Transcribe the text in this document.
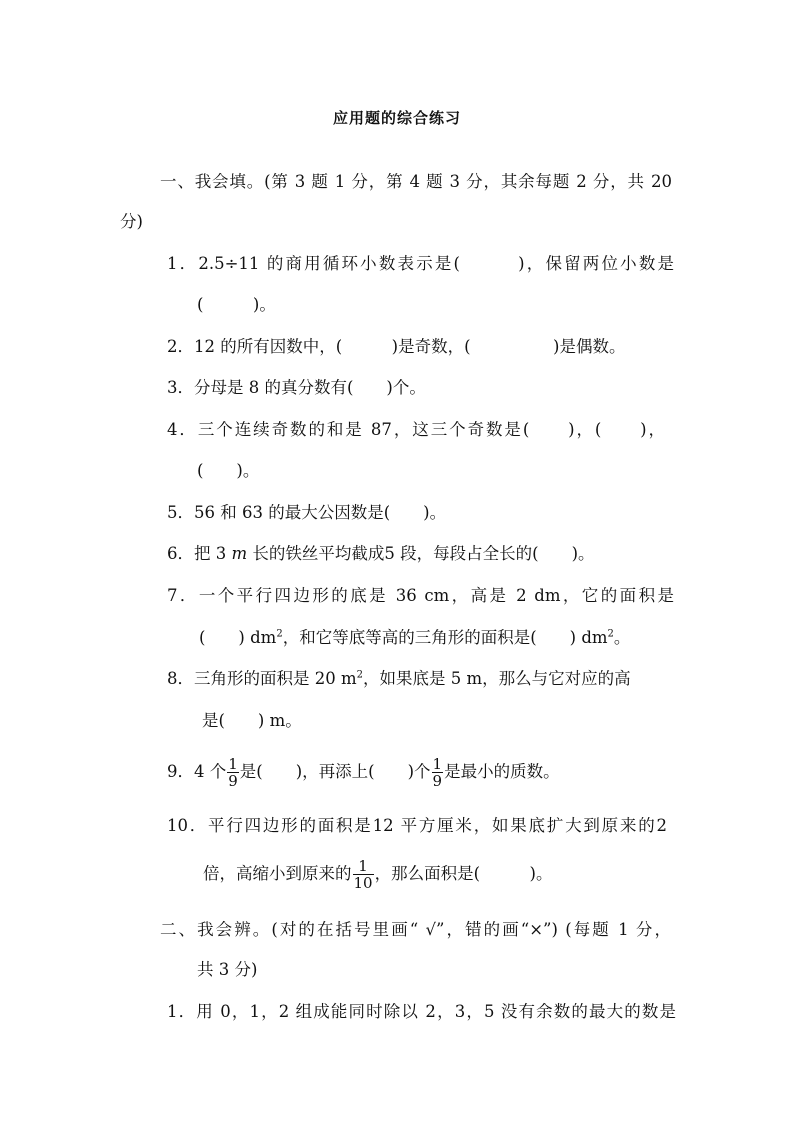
应用题的综合练习
一、我会填。(第 3 题 1 分，第 4 题 3 分，其余每题 2 分，共 20
分)
1．2.5÷11 的商用循环小数表示是(　　　)，保留两位小数是
(　　　)。
2．12 的所有因数中，(　　　)是奇数，(　　　　　)是偶数。
3．分母是 8 的真分数有(　　)个。
4．三个连续奇数的和是 87，这三个奇数是(　　)，(　　)，
(　　)。
5．56 和 63 的最大公因数是(　　)。
6．把 3 m 长的铁丝平均截成5 段，每段占全长的(　　)。
7．一个平行四边形的底是 36 cm，高是 2 dm，它的面积是
(　　) $dm^2$，和它等底等高的三角形的面积是(　　) $dm^2$。
8．三角形的面积是 20 $m^2$，如果底是 5 m，那么与它对应的高
是(　　) m。
9．4 个 $\frac{1}{9}$ 是(　　)，再添上(　　)个 $\frac{1}{9}$ 是最小的质数。
10．平行四边形的面积是12 平方厘米，如果底扩大到原来的2
倍，高缩小到原来的 $\frac{1}{10}$ ，那么面积是(　　　)。
二、我会辨。(对的在括号里画“ √”，错的画“×”) (每题 1 分，
共 3 分)
1．用 0，1，2 组成能同时除以 2，3，5 没有余数的最大的数是
